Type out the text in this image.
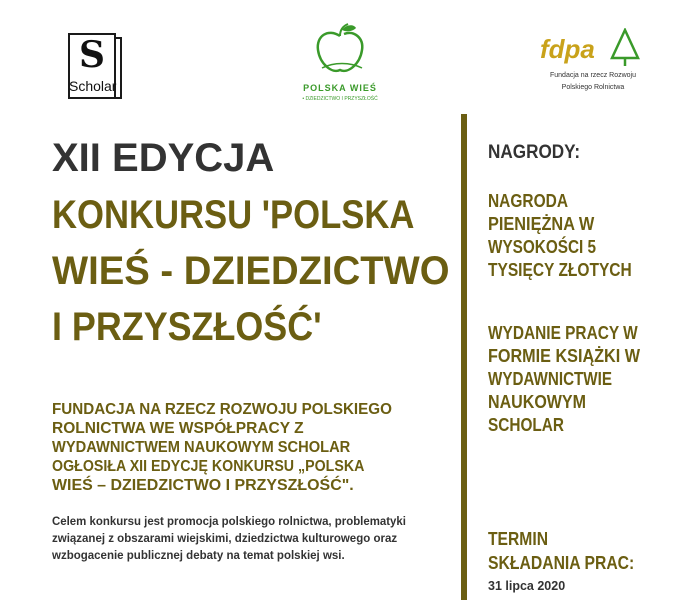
S
Scholar	POLSKA WIEŚ
• DZIEDZICTWO I PRZYSZŁOŚĆ
fdpa
Fundacja na rzecz Rozwoju
Polskiego Rolnictwa
XII EDYCJA
KONKURSU 'POLSKA
WIEŚ - DZIEDZICTWO
I PRZYSZŁOŚĆ'
FUNDACJA NA RZECZ ROZWOJU POLSKIEGO
ROLNICTWA WE WSPÓŁPRACY Z
WYDAWNICTWEM NAUKOWYM SCHOLAR
OGŁOSIŁA XII EDYCJĘ KONKURSU „POLSKA
WIEŚ – DZIEDZICTWO I PRZYSZŁOŚĆ".
Celem konkursu jest promocja polskiego rolnictwa, problematyki
związanej z obszarami wiejskimi, dziedzictwa kulturowego oraz
wzbogacenie publicznej debaty na temat polskiej wsi.
NAGRODY:
NAGRODA
PIENIĘŻNA W
WYSOKOŚCI 5
TYSIĘCY ZŁOTYCH
WYDANIE PRACY W
FORMIE KSIĄŻKI W
WYDAWNICTWIE
NAUKOWYM
SCHOLAR
TERMIN
SKŁADANIA PRAC:
31 lipca 2020
